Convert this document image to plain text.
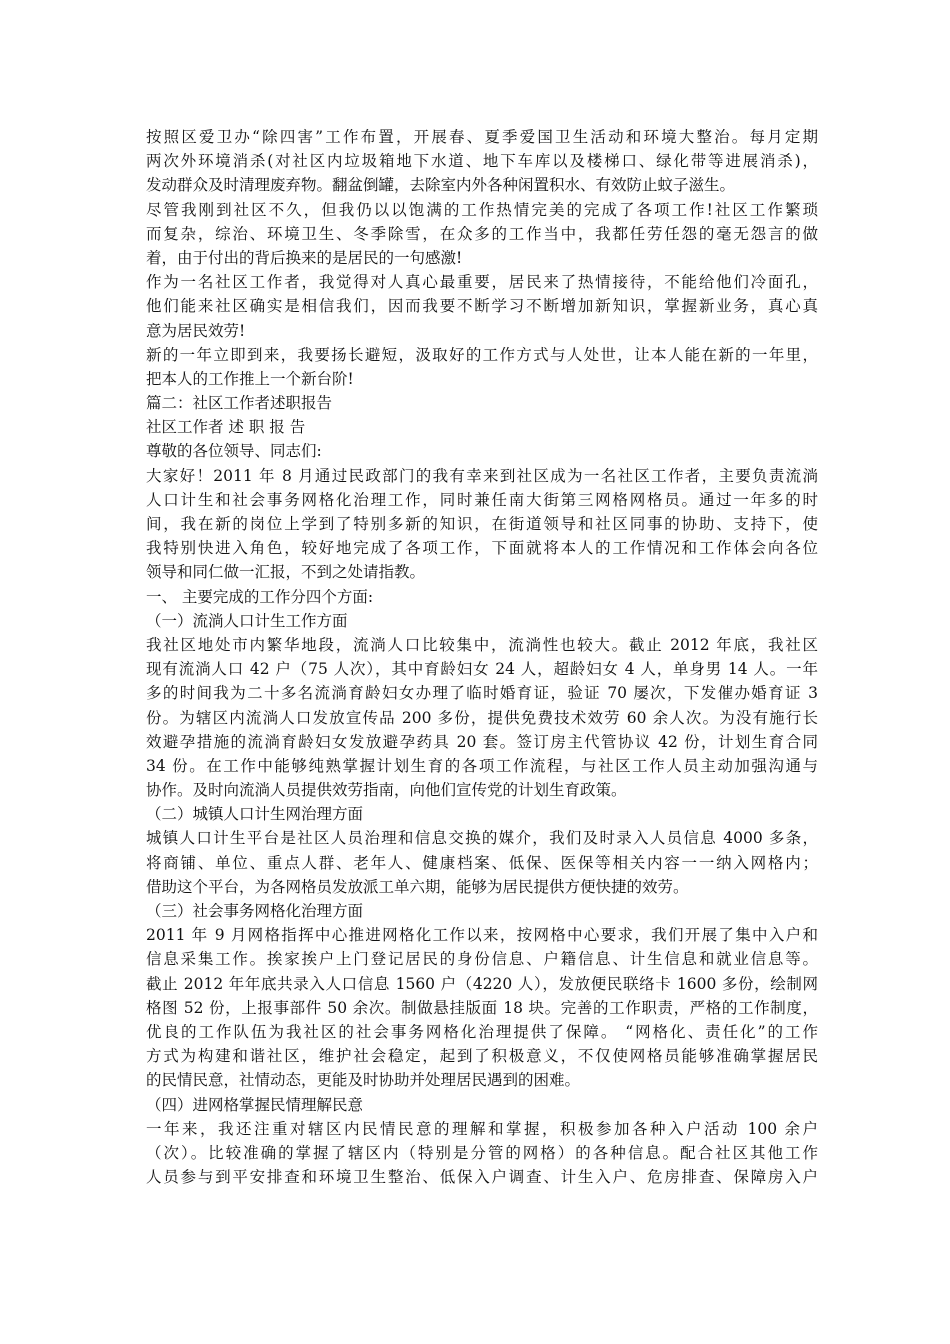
按照区爱卫办“除四害”工作布置，开展春、夏季爱国卫生活动和环境大整治。每月定期
两次外环境消杀(对社区内垃圾箱地下水道、地下车库以及楼梯口、绿化带等进展消杀)，
发动群众及时清理废弃物。翻盆倒罐，去除室内外各种闲置积水、有效防止蚊子滋生。
尽管我刚到社区不久，但我仍以以饱满的工作热情完美的完成了各项工作!社区工作繁琐
而复杂，综治、环境卫生、冬季除雪，在众多的工作当中，我都任劳任怨的毫无怨言的做
着，由于付出的背后换来的是居民的一句感激!
作为一名社区工作者，我觉得对人真心最重要，居民来了热情接待，不能给他们冷面孔，
他们能来社区确实是相信我们，因而我要不断学习不断增加新知识，掌握新业务，真心真
意为居民效劳!
新的一年立即到来，我要扬长避短，汲取好的工作方式与人处世，让本人能在新的一年里，
把本人的工作推上一个新台阶!
篇二：社区工作者述职报告
社区工作者 述 职 报 告
尊敬的各位领导、同志们:
大家好！2011 年 8 月通过民政部门的我有幸来到社区成为一名社区工作者，主要负责流淌
人口计生和社会事务网格化治理工作，同时兼任南大街第三网格网格员。通过一年多的时
间，我在新的岗位上学到了特别多新的知识，在街道领导和社区同事的协助、支持下，使
我特别快进入角色，较好地完成了各项工作，下面就将本人的工作情况和工作体会向各位
领导和同仁做一汇报，不到之处请指教。
一、 主要完成的工作分四个方面:
（一）流淌人口计生工作方面
我社区地处市内繁华地段，流淌人口比较集中，流淌性也较大。截止 2012 年底，我社区
现有流淌人口 42 户（75 人次），其中育龄妇女 24 人，超龄妇女 4 人，单身男 14 人。一年
多的时间我为二十多名流淌育龄妇女办理了临时婚育证，验证 70 屡次，下发催办婚育证 3
份。为辖区内流淌人口发放宣传品 200 多份，提供免费技术效劳 60 余人次。为没有施行长
效避孕措施的流淌育龄妇女发放避孕药具 20 套。签订房主代管协议 42 份，计划生育合同
34 份。在工作中能够纯熟掌握计划生育的各项工作流程，与社区工作人员主动加强沟通与
协作。及时向流淌人员提供效劳指南，向他们宣传党的计划生育政策。
（二）城镇人口计生网治理方面
城镇人口计生平台是社区人员治理和信息交换的媒介，我们及时录入人员信息 4000 多条，
将商铺、单位、重点人群、老年人、健康档案、低保、医保等相关内容一一纳入网格内；
借助这个平台，为各网格员发放派工单六期，能够为居民提供方便快捷的效劳。
（三）社会事务网格化治理方面
2011 年 9 月网格指挥中心推进网格化工作以来，按网格中心要求，我们开展了集中入户和
信息采集工作。挨家挨户上门登记居民的身份信息、户籍信息、计生信息和就业信息等。
截止 2012 年年底共录入人口信息 1560 户（4220 人），发放便民联络卡 1600 多份，绘制网
格图 52 份，上报事部件 50 余次。制做悬挂版面 18 块。完善的工作职责，严格的工作制度，
优良的工作队伍为我社区的社会事务网格化治理提供了保障。 “网格化、责任化”的工作
方式为构建和谐社区，维护社会稳定，起到了积极意义，不仅使网格员能够准确掌握居民
的民情民意，社情动态，更能及时协助并处理居民遇到的困难。
（四）进网格掌握民情理解民意
一年来，我还注重对辖区内民情民意的理解和掌握，积极参加各种入户活动 100 余户
（次）。比较准确的掌握了辖区内（特别是分管的网格）的各种信息。配合社区其他工作
人员参与到平安排查和环境卫生整治、低保入户调查、计生入户、危房排查、保障房入户
